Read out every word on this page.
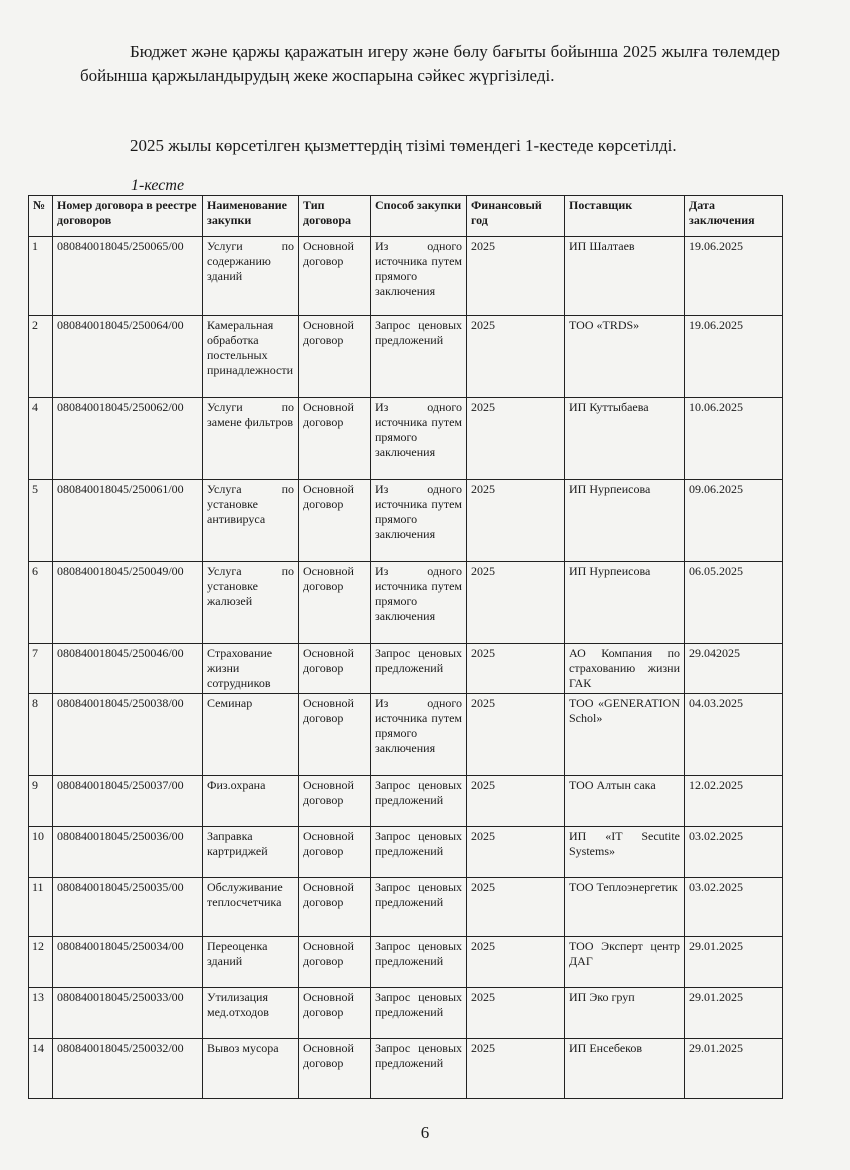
Бюджет және қаржы қаражатын игеру және бөлу бағыты бойынша 2025 жылға төлемдер бойынша қаржыландырудың жеке жоспарына сәйкес жүргізіледі.
2025 жылы көрсетілген қызметтердің тізімі төмендегі 1-кестеде көрсетілді.
1-кесте
№	Номер договора в реестре договоров	Наименование закупки	Тип договора	Способ закупки	Финансовый год	Поставщик	Дата заключения
1	080840018045/250065/00	Услуги по содержанию зданий	Основной договор	Из одного источника путем прямого заключения	2025	ИП Шалтаев	19.06.2025
2	080840018045/250064/00	Камеральная обработка постельных принадлежности	Основной договор	Запрос ценовых предложений	2025	ТОО «TRDS»	19.06.2025
4	080840018045/250062/00	Услуги по замене фильтров	Основной договор	Из одного источника путем прямого заключения	2025	ИП Куттыбаева	10.06.2025
5	080840018045/250061/00	Услуга по установке антивируса	Основной договор	Из одного источника путем прямого заключения	2025	ИП Нурпеисова	09.06.2025
6	080840018045/250049/00	Услуга по установке жалюзей	Основной договор	Из одного источника путем прямого заключения	2025	ИП Нурпеисова	06.05.2025
7	080840018045/250046/00	Страхование жизни сотрудников	Основной договор	Запрос ценовых предложений	2025	АО Компания по страхованию жизни ГАК	29.042025
8	080840018045/250038/00	Семинар	Основной договор	Из одного источника путем прямого заключения	2025	ТОО «GENERATION Schol»	04.03.2025
9	080840018045/250037/00	Физ.охрана	Основной договор	Запрос ценовых предложений	2025	ТОО Алтын сака	12.02.2025
10	080840018045/250036/00	Заправка картриджей	Основной договор	Запрос ценовых предложений	2025	ИП «IT Secutite Systems»	03.02.2025
11	080840018045/250035/00	Обслуживание теплосчетчика	Основной договор	Запрос ценовых предложений	2025	ТОО Теплоэнергетик	03.02.2025
12	080840018045/250034/00	Переоценка зданий	Основной договор	Запрос ценовых предложений	2025	ТОО Эксперт центр ДАГ	29.01.2025
13	080840018045/250033/00	Утилизация мед.отходов	Основной договор	Запрос ценовых предложений	2025	ИП Эко груп	29.01.2025
14	080840018045/250032/00	Вывоз мусора	Основной договор	Запрос ценовых предложений	2025	ИП Енсебеков	29.01.2025
6
